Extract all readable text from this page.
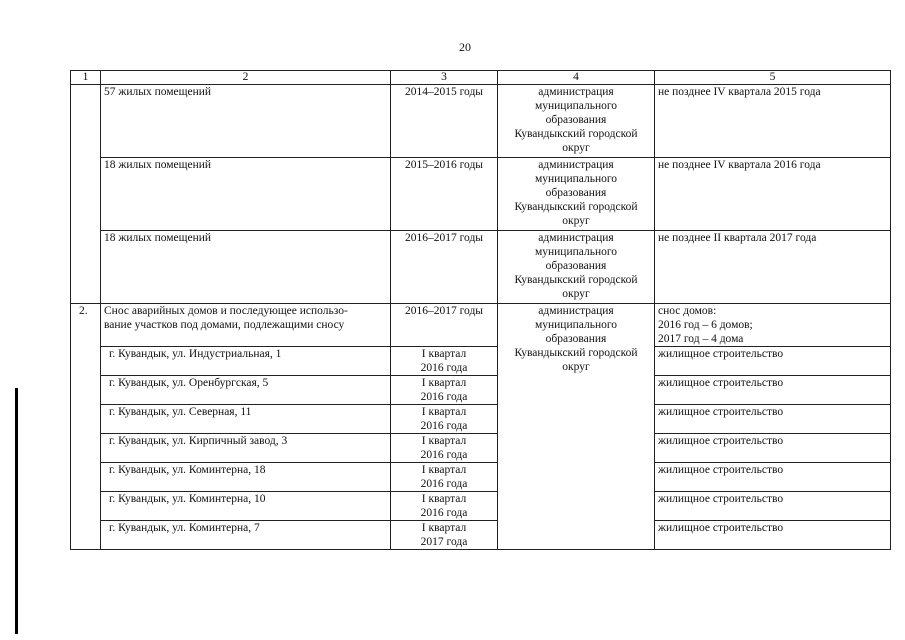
20
1	2	3	4	5
	57 жилых помещений	2014–2015 годы	администрация
муниципального
образования
Кувандыкский городской
округ	не позднее IV квартала 2015 года
	18 жилых помещений	2015–2016 годы	администрация
муниципального
образования
Кувандыкский городской
округ	не позднее IV квартала 2016 года
	18 жилых помещений	2016–2017 годы	администрация
муниципального
образования
Кувандыкский городской
округ	не позднее II квартала 2017 года
2.	Снос аварийных домов и последующее использо-
вание участков под домами, подлежащими сносу	2016–2017 годы	администрация
муниципального
образования
Кувандыкский городской
округ	снос домов:
2016 год – 6 домов;
2017 год – 4 дома

	г. Кувандык, ул. Индустриальная, 1	I квартал
2016 года		жилищное строительство
	г. Кувандык, ул. Оренбургская, 5	I квартал
2016 года		жилищное строительство
	г. Кувандык, ул. Северная, 11	I квартал
2016 года		жилищное строительство
	г. Кувандык, ул. Кирпичный завод, 3	I квартал
2016 года		жилищное строительство
	г. Кувандык, ул. Коминтерна, 18	I квартал
2016 года		жилищное строительство
	г. Кувандык, ул. Коминтерна, 10	I квартал
2016 года		жилищное строительство
	г. Кувандык, ул. Коминтерна, 7	I квартал
2017 года		жилищное строительство
